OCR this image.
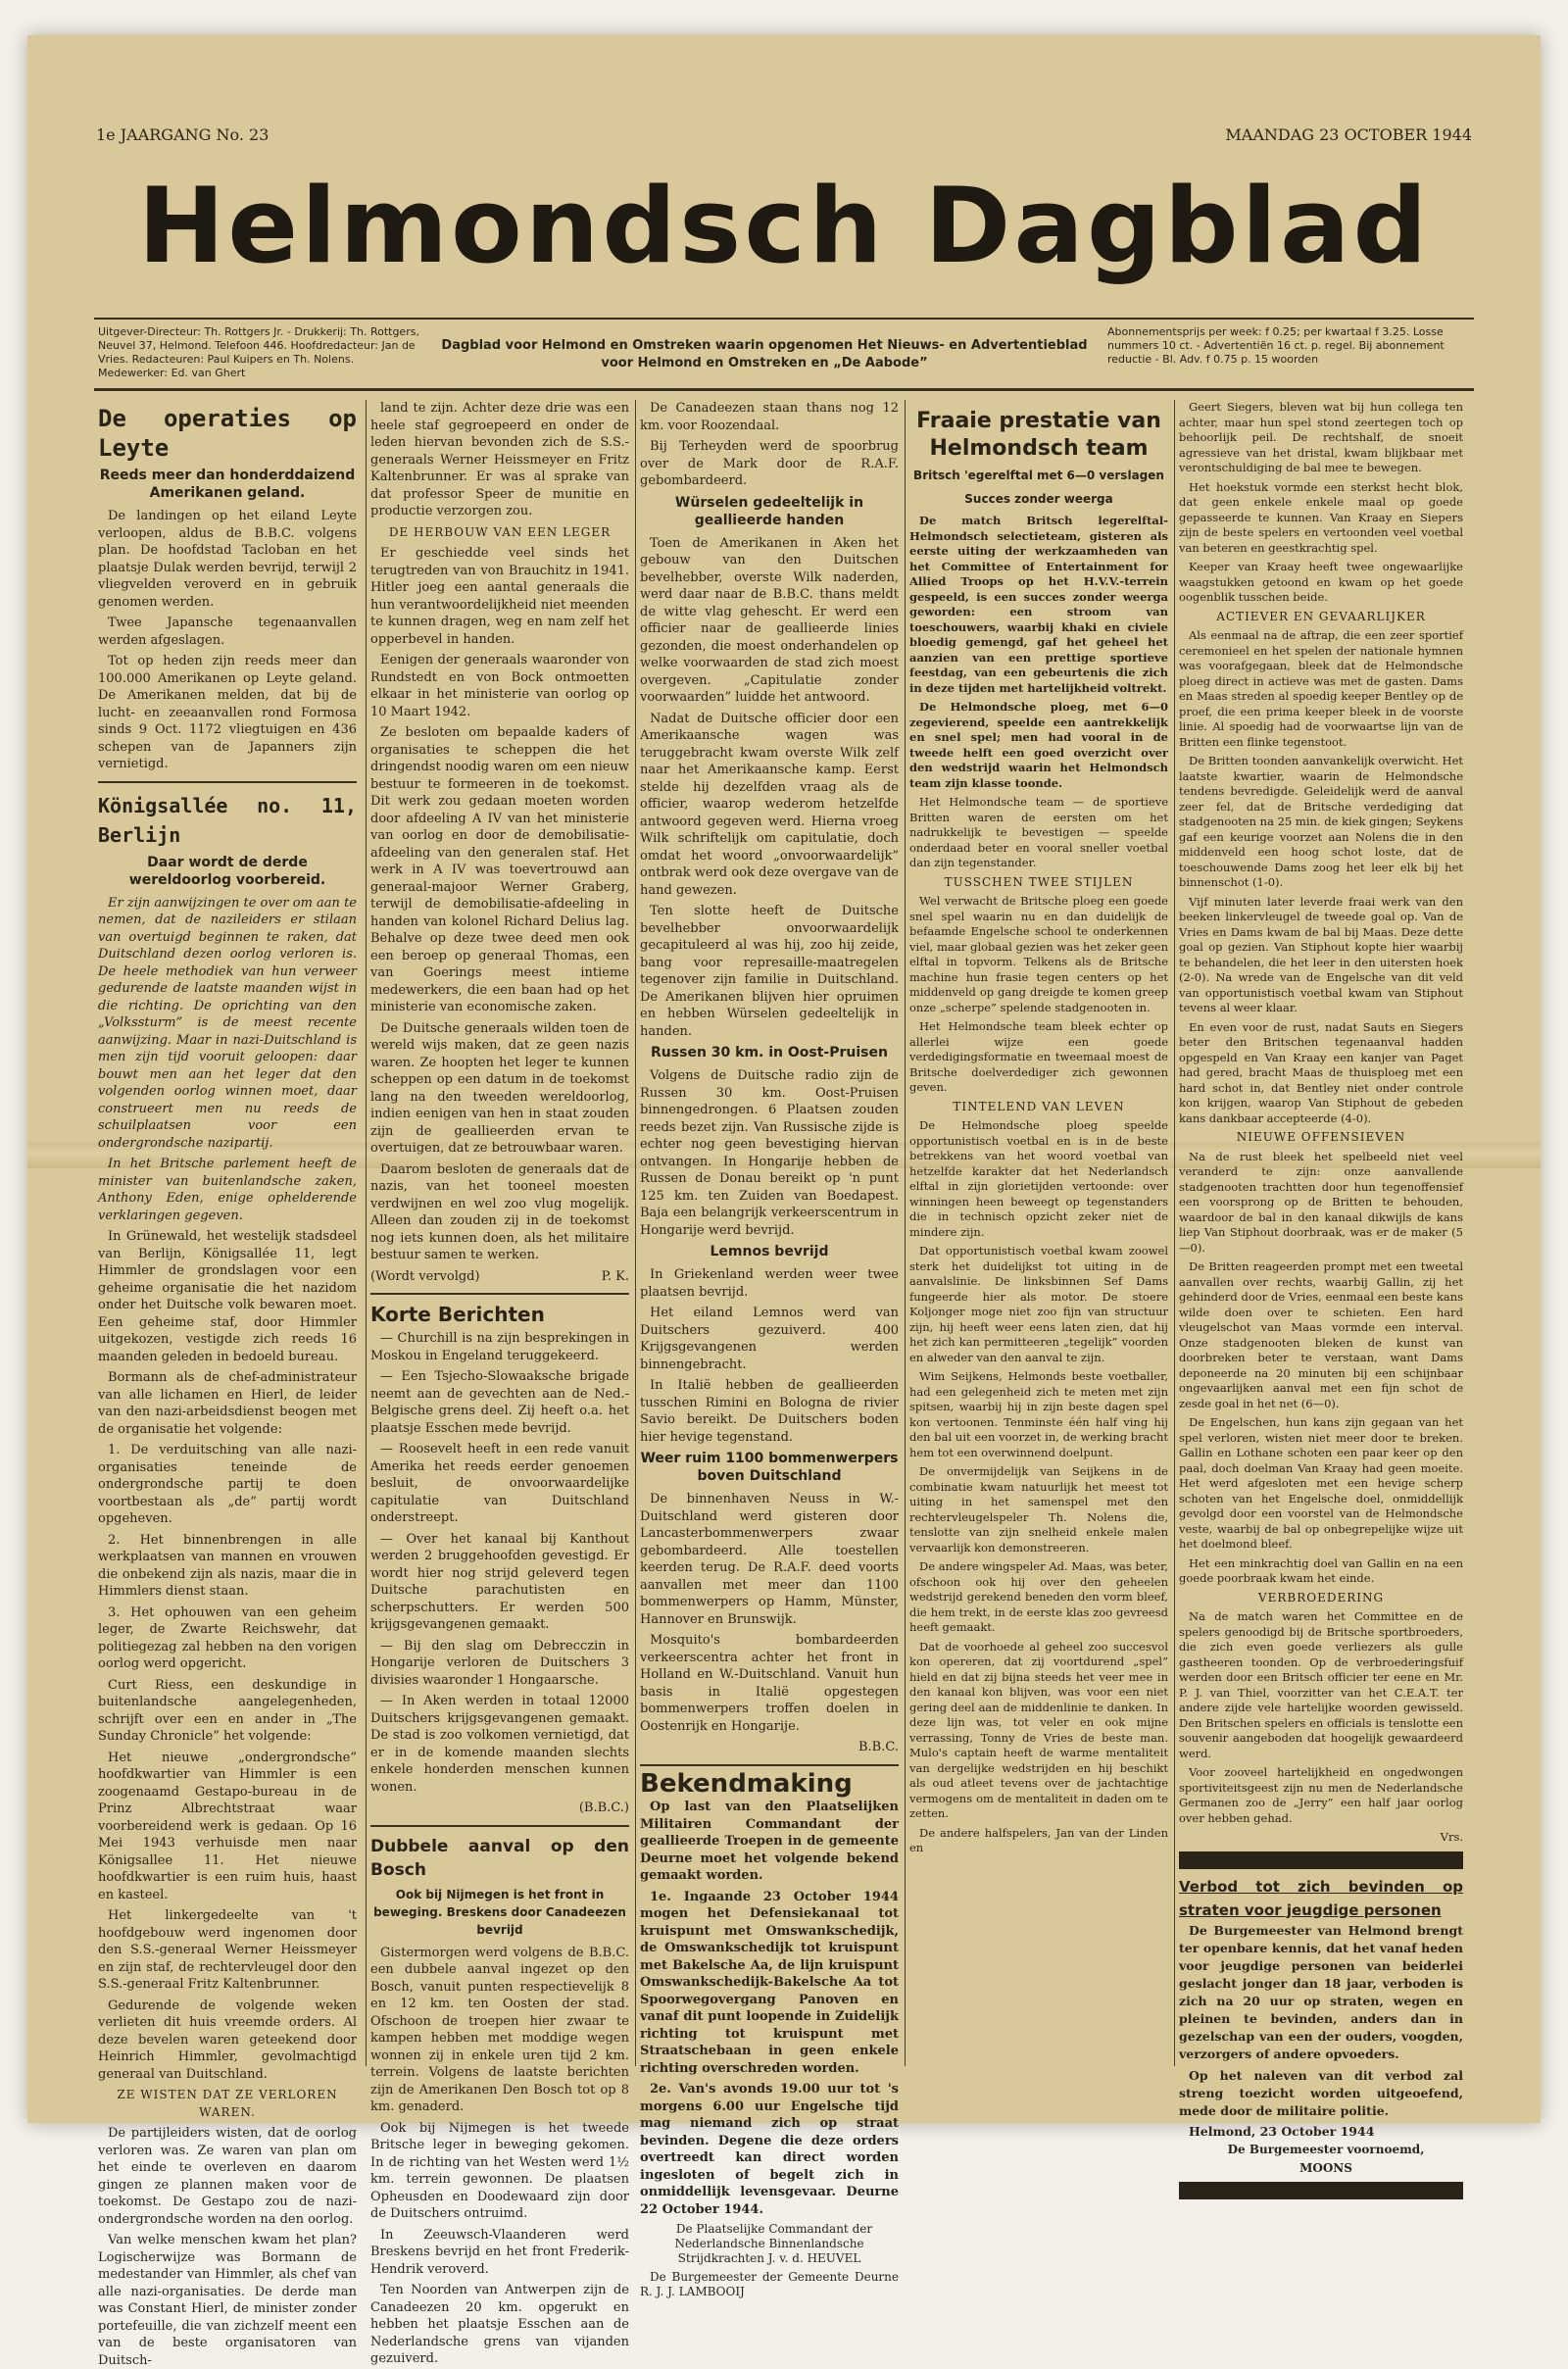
1e JAARGANG No. 23	MAANDAG 23 OCTOBER 1944
Helmondsch Dagblad
Uitgever-Directeur: Th. Rottgers Jr. - Drukkerij: Th. Rottgers, Neuvel 37, Helmond. Telefoon 446. Hoofdredacteur: Jan de Vries. Redacteuren: Paul Kuipers en Th. Nolens. Medewerker: Ed. van Ghert
Dagblad voor Helmond en Omstreken waarin opgenomen Het Nieuws- en Advertentieblad
voor Helmond en Omstreken en „De Aabode”
Abonnementsprijs per week: f 0.25; per kwartaal f 3.25. Losse nummers 10 ct. - Advertentiën 16 ct. p. regel. Bij abonnement reductie - Bl. Adv. f 0.75 p. 15 woorden
De operaties op Leyte
Reeds meer dan honderddaizend Amerikanen geland.

De landingen op het eiland Leyte verloopen, aldus de B.B.C. volgens plan. De hoofdstad Tacloban en het plaatsje Dulak werden bevrijd, terwijl 2 vliegvelden veroverd en in gebruik genomen werden.

Twee Japansche tegenaanvallen werden afgeslagen.

Tot op heden zijn reeds meer dan 100.000 Amerikanen op Leyte geland. De Amerikanen melden, dat bij de lucht- en zeeaanvallen rond Formosa sinds 9 Oct. 1172 vliegtuigen en 436 schepen van de Japanners zijn vernietigd.

Königsallée no. 11, Berlijn
Daar wordt de derde wereldoorlog voorbereid.

Er zijn aanwijzingen te over om aan te nemen, dat de nazileiders er stilaan van overtuigd beginnen te raken, dat Duitschland dezen oorlog verloren is. De heele methodiek van hun verweer gedurende de laatste maanden wijst in die richting. De oprichting van den „Volkssturm” is de meest recente aanwijzing. Maar in nazi-Duitschland is men zijn tijd vooruit geloopen: daar bouwt men aan het leger dat den volgenden oorlog winnen moet, daar construeert men nu reeds de schuilplaatsen voor een ondergrondsche nazipartij.

In het Britsche parlement heeft de minister van buitenlandsche zaken, Anthony Eden, enige ophelderende verklaringen gegeven.

In Grünewald, het westelijk stadsdeel van Berlijn, Königsallée 11, legt Himmler de grondslagen voor een geheime organisatie die het nazidom onder het Duitsche volk bewaren moet. Een geheime staf, door Himmler uitgekozen, vestigde zich reeds 16 maanden geleden in bedoeld bureau.

Bormann als de chef-administrateur van alle lichamen en Hierl, de leider van den nazi-arbeidsdienst beogen met de organisatie het volgende:

1. De verduitsching van alle nazi-organisaties teneinde de ondergrondsche partij te doen voortbestaan als „de” partij wordt opgeheven.

2. Het binnenbrengen in alle werkplaatsen van mannen en vrouwen die onbekend zijn als nazis, maar die in Himmlers dienst staan.

3. Het ophouwen van een geheim leger, de Zwarte Reichswehr, dat politiegezag zal hebben na den vorigen oorlog werd opgericht.

Curt Riess, een deskundige in buitenlandsche aangelegenheden, schrijft over een en ander in „The Sunday Chronicle” het volgende:

Het nieuwe „ondergrondsche” hoofdkwartier van Himmler is een zoogenaamd Gestapo-bureau in de Prinz Albrechtstraat waar voorbereidend werk is gedaan. Op 16 Mei 1943 verhuisde men naar Königsallee 11. Het nieuwe hoofdkwartier is een ruim huis, haast en kasteel.

Het linkergedeelte van 't hoofdgebouw werd ingenomen door den S.S.-generaal Werner Heissmeyer en zijn staf, de rechtervleugel door den S.S.-generaal Fritz Kaltenbrunner.

Gedurende de volgende weken verlieten dit huis vreemde orders. Al deze bevelen waren geteekend door Heinrich Himmler, gevolmachtigd generaal van Duitschland.

ZE WISTEN DAT ZE VERLOREN WAREN.

De partijleiders wisten, dat de oorlog verloren was. Ze waren van plan om het einde te overleven en daarom gingen ze plannen maken voor de toekomst. De Gestapo zou de nazi-ondergrondsche worden na den oorlog.

Van welke menschen kwam het plan? Logischerwijze was Bormann de medestander van Himmler, als chef van alle nazi-organisaties. De derde man was Constant Hierl, de minister zonder portefeuille, die van zichzelf meent een van de beste organisatoren van Duitsch-

land te zijn. Achter deze drie was een heele staf gegroepeerd en onder de leden hiervan bevonden zich de S.S.-generaals Werner Heissmeyer en Fritz Kaltenbrunner. Er was al sprake van dat professor Speer de munitie en productie verzorgen zou.

DE HERBOUW VAN EEN LEGER

Er geschiedde veel sinds het terugtreden van von Brauchitz in 1941. Hitler joeg een aantal generaals die hun verantwoordelijkheid niet meenden te kunnen dragen, weg en nam zelf het opperbevel in handen.

Eenigen der generaals waaronder von Rundstedt en von Bock ontmoetten elkaar in het ministerie van oorlog op 10 Maart 1942.

Ze besloten om bepaalde kaders of organisaties te scheppen die het dringendst noodig waren om een nieuw bestuur te formeeren in de toekomst. Dit werk zou gedaan moeten worden door afdeeling A IV van het ministerie van oorlog en door de demobilisatie-afdeeling van den generalen staf. Het werk in A IV was toevertrouwd aan generaal-majoor Werner Graberg, terwijl de demobilisatie-afdeeling in handen van kolonel Richard Delius lag. Behalve op deze twee deed men ook een beroep op generaal Thomas, een van Goerings meest intieme medewerkers, die een baan had op het ministerie van economische zaken.

De Duitsche generaals wilden toen de wereld wijs maken, dat ze geen nazis waren. Ze hoopten het leger te kunnen scheppen op een datum in de toekomst lang na den tweeden wereldoorlog, indien eenigen van hen in staat zouden zijn de geallieerden ervan te overtuigen, dat ze betrouwbaar waren.

Daarom besloten de generaals dat de nazis, van het tooneel moesten verdwijnen en wel zoo vlug mogelijk. Alleen dan zouden zij in de toekomst nog iets kunnen doen, als het militaire bestuur samen te werken.

(Wordt vervolgd)	P. K.
Korte Berichten

— Churchill is na zijn besprekingen in Moskou in Engeland teruggekeerd.

— Een Tsjecho-Slowaaksche brigade neemt aan de gevechten aan de Ned.-Belgische grens deel. Zij heeft o.a. het plaatsje Esschen mede bevrijd.

— Roosevelt heeft in een rede vanuit Amerika het reeds eerder genoemen besluit, de onvoorwaardelijke capitulatie van Duitschland onderstreept.

— Over het kanaal bij Kanthout werden 2 bruggehoofden gevestigd. Er wordt hier nog strijd geleverd tegen Duitsche parachutisten en scherpschutters. Er werden 500 krijgsgevangenen gemaakt.

— Bij den slag om Debrecczin in Hongarije verloren de Duitschers 3 divisies waaronder 1 Hongaarsche.

— In Aken werden in totaal 12000 Duitschers krijgsgevangenen gemaakt. De stad is zoo volkomen vernietigd, dat er in de komende maanden slechts enkele honderden menschen kunnen wonen.

(B.B.C.)

Dubbele aanval op den Bosch
Ook bij Nijmegen is het front in beweging. Breskens door Canadeezen bevrijd

Gistermorgen werd volgens de B.B.C. een dubbele aanval ingezet op den Bosch, vanuit punten respectievelijk 8 en 12 km. ten Oosten der stad. Ofschoon de troepen hier zwaar te kampen hebben met moddige wegen wonnen zij in enkele uren tijd 2 km. terrein. Volgens de laatste berichten zijn de Amerikanen Den Bosch tot op 8 km. genaderd.

Ook bij Nijmegen is het tweede Britsche leger in beweging gekomen. In de richting van het Westen werd 1½ km. terrein gewonnen. De plaatsen Opheusden en Doodewaard zijn door de Duitschers ontruimd.

In Zeeuwsch-Vlaanderen werd Breskens bevrijd en het front Frederik-Hendrik veroverd.

Ten Noorden van Antwerpen zijn de Canadeezen 20 km. opgerukt en hebben het plaatsje Esschen aan de Nederlandsche grens van vijanden gezuiverd.

De Canadeezen staan thans nog 12 km. voor Roozendaal.

Bij Terheyden werd de spoorbrug over de Mark door de R.A.F. gebombardeerd.

Würselen gedeeltelijk in geallieerde handen

Toen de Amerikanen in Aken het gebouw van den Duitschen bevelhebber, overste Wilk naderden, werd daar naar de B.B.C. thans meldt de witte vlag gehescht. Er werd een officier naar de geallieerde linies gezonden, die moest onderhandelen op welke voorwaarden de stad zich moest overgeven. „Capitulatie zonder voorwaarden” luidde het antwoord.

Nadat de Duitsche officier door een Amerikaansche wagen was teruggebracht kwam overste Wilk zelf naar het Amerikaansche kamp. Eerst stelde hij dezelfden vraag als de officier, waarop wederom hetzelfde antwoord gegeven werd. Hierna vroeg Wilk schriftelijk om capitulatie, doch omdat het woord „onvoorwaardelijk” ontbrak werd ook deze overgave van de hand gewezen.

Ten slotte heeft de Duitsche bevelhebber onvoorwaardelijk gecapituleerd al was hij, zoo hij zeide, bang voor represaille-maatregelen tegenover zijn familie in Duitschland. De Amerikanen blijven hier opruimen en hebben Würselen gedeeltelijk in handen.

Russen 30 km. in Oost-Pruisen

Volgens de Duitsche radio zijn de Russen 30 km. Oost-Pruisen binnengedrongen. 6 Plaatsen zouden reeds bezet zijn. Van Russische zijde is echter nog geen bevestiging hiervan ontvangen. In Hongarije hebben de Russen de Donau bereikt op 'n punt 125 km. ten Zuiden van Boedapest. Baja een belangrijk verkeerscentrum in Hongarije werd bevrijd.

Lemnos bevrijd

In Griekenland werden weer twee plaatsen bevrijd.

Het eiland Lemnos werd van Duitschers gezuiverd. 400 Krijgsgevangenen werden binnengebracht.

In Italië hebben de geallieerden tusschen Rimini en Bologna de rivier Savio bereikt. De Duitschers boden hier hevige tegenstand.

Weer ruim 1100 bommenwerpers boven Duitschland

De binnenhaven Neuss in W.-Duitschland werd gisteren door Lancasterbommenwerpers zwaar gebombardeerd. Alle toestellen keerden terug. De R.A.F. deed voorts aanvallen met meer dan 1100 bommenwerpers op Hamm, Münster, Hannover en Brunswijk.

Mosquito's bombardeerden verkeerscentra achter het front in Holland en W.-Duitschland. Vanuit hun basis in Italië opgestegen bommenwerpers troffen doelen in Oostenrijk en Hongarije.

B.B.C.

Bekendmaking

Op last van den Plaatselijken Militairen Commandant der geallieerde Troepen in de gemeente Deurne moet het volgende bekend gemaakt worden.

1e. Ingaande 23 October 1944 mogen het Defensiekanaal tot kruispunt met Omswankschedijk, de Omswankschedijk tot kruispunt met Bakelsche Aa, de lijn kruispunt Omswankschedijk-Bakelsche Aa tot Spoorwegovergang Panoven en vanaf dit punt loopende in Zuidelijk richting tot kruispunt met Straatschebaan in geen enkele richting overschreden worden.

2e. Van's avonds 19.00 uur tot 's morgens 6.00 uur Engelsche tijd mag niemand zich op straat bevinden. Degene die deze orders overtreedt kan direct worden ingesloten of begelt zich in onmiddellijk levensgevaar. Deurne 22 October 1944.

De Plaatselijke Commandant der Nederlandsche Binnenlandsche Strijdkrachten J. v. d. HEUVEL

De Burgemeester der Gemeente Deurne R. J. J. LAMBOOIJ

Fraaie prestatie van Helmondsch team
Britsch 'egerelftal met 6—0 verslagen
Succes zonder weerga

De match Britsch legerelftal-Helmondsch selectieteam, gisteren als eerste uiting der werkzaamheden van het Committee of Entertainment for Allied Troops op het H.V.V.-terrein gespeeld, is een succes zonder weerga geworden: een stroom van toeschouwers, waarbij khaki en civiele bloedig gemengd, gaf het geheel het aanzien van een prettige sportieve feestdag, van een gebeurtenis die zich in deze tijden met hartelijkheid voltrekt.

De Helmondsche ploeg, met 6—0 zegevierend, speelde een aantrekkelijk en snel spel; men had vooral in de tweede helft een goed overzicht over den wedstrijd waarin het Helmondsch team zijn klasse toonde.

Het Helmondsche team — de sportieve Britten waren de eersten om het nadrukkelijk te bevestigen — speelde onderdaad beter en vooral sneller voetbal dan zijn tegenstander.

TUSSCHEN TWEE STIJLEN

Wel verwacht de Britsche ploeg een goede snel spel waarin nu en dan duidelijk de befaamde Engelsche school te onderkennen viel, maar globaal gezien was het zeker geen elftal in topvorm. Telkens als de Britsche machine hun frasie tegen centers op het middenveld op gang dreigde te komen greep onze „scherpe” spelende stadgenooten in.

Het Helmondsche team bleek echter op allerlei wijze een goede verdedigingsformatie en tweemaal moest de Britsche doelverdediger zich gewonnen geven.

TINTELEND VAN LEVEN

De Helmondsche ploeg speelde opportunistisch voetbal en is in de beste betrekkens van het woord voetbal van hetzelfde karakter dat het Nederlandsch elftal in zijn glorietijden vertoonde: over winningen heen beweegt op tegenstanders die in technisch opzicht zeker niet de mindere zijn.

Dat opportunistisch voetbal kwam zoowel sterk het duidelijkst tot uiting in de aanvalslinie. De linksbinnen Sef Dams fungeerde hier als motor. De stoere Koljonger moge niet zoo fijn van structuur zijn, hij heeft weer eens laten zien, dat hij het zich kan permitteeren „tegelijk” voorden en alweder van den aanval te zijn.

Wim Seijkens, Helmonds beste voetballer, had een gelegenheid zich te meten met zijn spitsen, waarbij hij in zijn beste dagen spel kon vertoonen. Tenminste één half ving hij den bal uit een voorzet in, de werking bracht hem tot een overwinnend doelpunt.

De onvermijdelijk van Seijkens in de combinatie kwam natuurlijk het meest tot uiting in het samenspel met den rechtervleugelspeler Th. Nolens die, tenslotte van zijn snelheid enkele malen vervaarlijk kon demonstreeren.

De andere wingspeler Ad. Maas, was beter, ofschoon ook hij over den geheelen wedstrijd gerekend beneden den vorm bleef, die hem trekt, in de eerste klas zoo gevreesd heeft gemaakt.

Dat de voorhoede al geheel zoo succesvol kon opereren, dat zij voortdurend „spel” hield en dat zij bijna steeds het veer mee in den kanaal kon blijven, was voor een niet gering deel aan de middenlinie te danken. In deze lijn was, tot veler en ook mijne verrassing, Tonny de Vries de beste man. Mulo's captain heeft de warme mentaliteit van dergelijke wedstrijden en hij beschikt als oud atleet tevens over de jachtachtige vermogens om de mentaliteit in daden om te zetten.

De andere halfspelers, Jan van der Linden en

Geert Siegers, bleven wat bij hun collega ten achter, maar hun spel stond zeertegen toch op behoorlijk peil. De rechtshalf, de snoeit agressieve van het dristal, kwam blijkbaar met verontschuldiging de bal mee te bewegen.

Het hoekstuk vormde een sterkst hecht blok, dat geen enkele enkele maal op goede gepasseerde te kunnen. Van Kraay en Siepers zijn de beste spelers en vertoonden veel voetbal van beteren en geestkrachtig spel.

Keeper van Kraay heeft twee ongewaarlijke waagstukken getoond en kwam op het goede oogenblik tusschen beide.

ACTIEVER EN GEVAARLIJKER

Als eenmaal na de aftrap, die een zeer sportief ceremonieel en het spelen der nationale hymnen was voorafgegaan, bleek dat de Helmondsche ploeg direct in actieve was met de gasten. Dams en Maas streden al spoedig keeper Bentley op de proef, die een prima keeper bleek in de voorste linie. Al spoedig had de voorwaartse lijn van de Britten een flinke tegenstoot.

De Britten toonden aanvankelijk overwicht. Het laatste kwartier, waarin de Helmondsche tendens bevredigde. Geleidelijk werd de aanval zeer fel, dat de Britsche verdediging dat stadgenooten na 25 min. de kiek gingen; Seykens gaf een keurige voorzet aan Nolens die in den middenveld een hoog schot loste, dat de toeschouwende Dams zoog het leer elk bij het binnenschot (1-0).

Vijf minuten later leverde fraai werk van den beeken linkervleugel de tweede goal op. Van de Vries en Dams kwam de bal bij Maas. Deze dette goal op gezien. Van Stiphout kopte hier waarbij te behandelen, die het leer in den uitersten hoek (2-0). Na wrede van de Engelsche van dit veld van opportunistisch voetbal kwam van Stiphout tevens al weer klaar.

En even voor de rust, nadat Sauts en Siegers beter den Britschen tegenaanval hadden opgespeld en Van Kraay een kanjer van Paget had gered, bracht Maas de thuisploeg met een hard schot in, dat Bentley niet onder controle kon krijgen, waarop Van Stiphout de gebeden kans dankbaar accepteerde (4-0).

NIEUWE OFFENSIEVEN

Na de rust bleek het spelbeeld niet veel veranderd te zijn: onze aanvallende stadgenooten trachtten door hun tegenoffensief een voorsprong op de Britten te behouden, waardoor de bal in den kanaal dikwijls de kans liep Van Stiphout doorbraak, was er de maker (5—0).

De Britten reageerden prompt met een tweetal aanvallen over rechts, waarbij Gallin, zij het gehinderd door de Vries, eenmaal een beste kans wilde doen over te schieten. Een hard vleugelschot van Maas vormde een interval. Onze stadgenooten bleken de kunst van doorbreken beter te verstaan, want Dams deponeerde na 20 minuten bij een schijnbaar ongevaarlijken aanval met een fijn schot de zesde goal in het net (6—0).

De Engelschen, hun kans zijn gegaan van het spel verloren, wisten niet meer door te breken. Gallin en Lothane schoten een paar keer op den paal, doch doelman Van Kraay had geen moeite. Het werd afgesloten met een hevige scherp schoten van het Engelsche doel, onmiddellijk gevolgd door een voorstel van de Helmondsche veste, waarbij de bal op onbegrepelijke wijze uit het doelmond bleef.

Het een minkrachtig doel van Gallin en na een goede poorbraak kwam het einde.

VERBROEDERING

Na de match waren het Committee en de spelers genoodigd bij de Britsche sportbroeders, die zich even goede verliezers als gulle gastheeren toonden. Op de verbroederingsfuif werden door een Britsch officier ter eene en Mr. P. J. van Thiel, voorzitter van het C.E.A.T. ter andere zijde vele hartelijke woorden gewisseld. Den Britschen spelers en officials is tenslotte een souvenir aangeboden dat hoogelijk gewaardeerd werd.

Voor zooveel hartelijkheid en ongedwongen sportiviteitsgeest zijn nu men de Nederlandsche Germanen zoo de „Jerry” een half jaar oorlog over hebben gehad.

Vrs.

Verbod tot zich bevinden op straten voor jeugdige personen

De Burgemeester van Helmond brengt ter openbare kennis, dat het vanaf heden voor jeugdige personen van beiderlei geslacht jonger dan 18 jaar, verboden is zich na 20 uur op straten, wegen en pleinen te bevinden, anders dan in gezelschap van een der ouders, voogden, verzorgers of andere opvoeders.

Op het naleven van dit verbod zal streng toezicht worden uitgeoefend, mede door de militaire politie.

Helmond, 23 October 1944

De Burgemeester voornoemd,

MOONS
